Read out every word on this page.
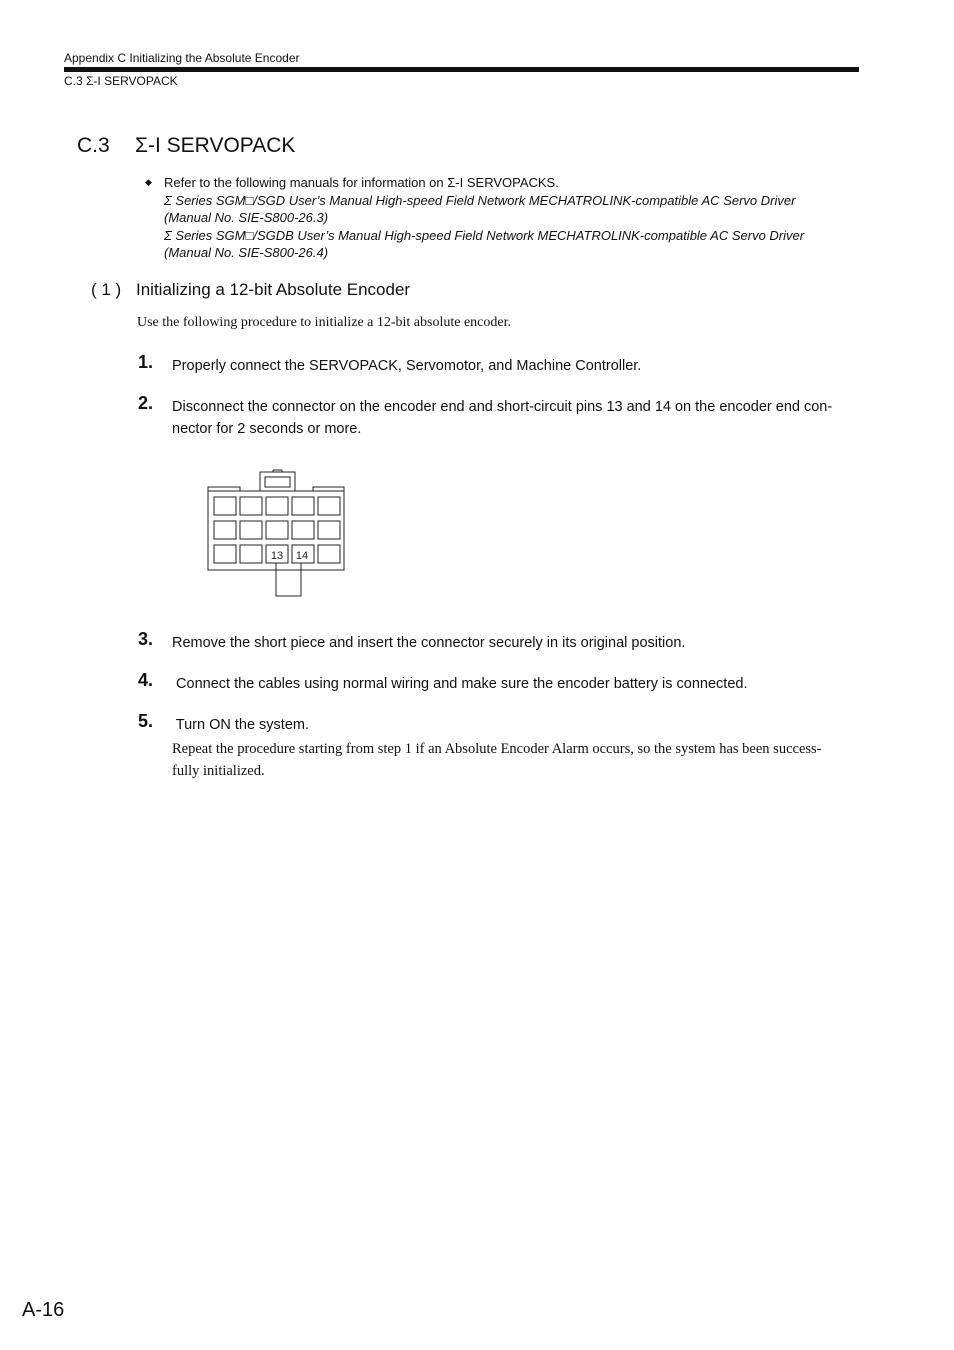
Appendix C Initializing the Absolute Encoder
C.3 Σ-I SERVOPACK
C.3 Σ-I SERVOPACK
◆ Refer to the following manuals for information on Σ-I SERVOPACKS.
Σ Series SGM□/SGD User’s Manual High-speed Field Network MECHATROLINK-compatible AC Servo Driver
(Manual No. SIE-S800-26.3)
Σ Series SGM□/SGDB User’s Manual High-speed Field Network MECHATROLINK-compatible AC Servo Driver
(Manual No. SIE-S800-26.4)
( 1 ) Initializing a 12-bit Absolute Encoder
Use the following procedure to initialize a 12-bit absolute encoder.
1. Properly connect the SERVOPACK, Servomotor, and Machine Controller.
2. Disconnect the connector on the encoder end and short-circuit pins 13 and 14 on the encoder end con-
nector for 2 seconds or more.
13 14
3. Remove the short piece and insert the connector securely in its original position.
4. Connect the cables using normal wiring and make sure the encoder battery is connected.
5. Turn ON the system.
Repeat the procedure starting from step 1 if an Absolute Encoder Alarm occurs, so the system has been success-
fully initialized.
A-16
